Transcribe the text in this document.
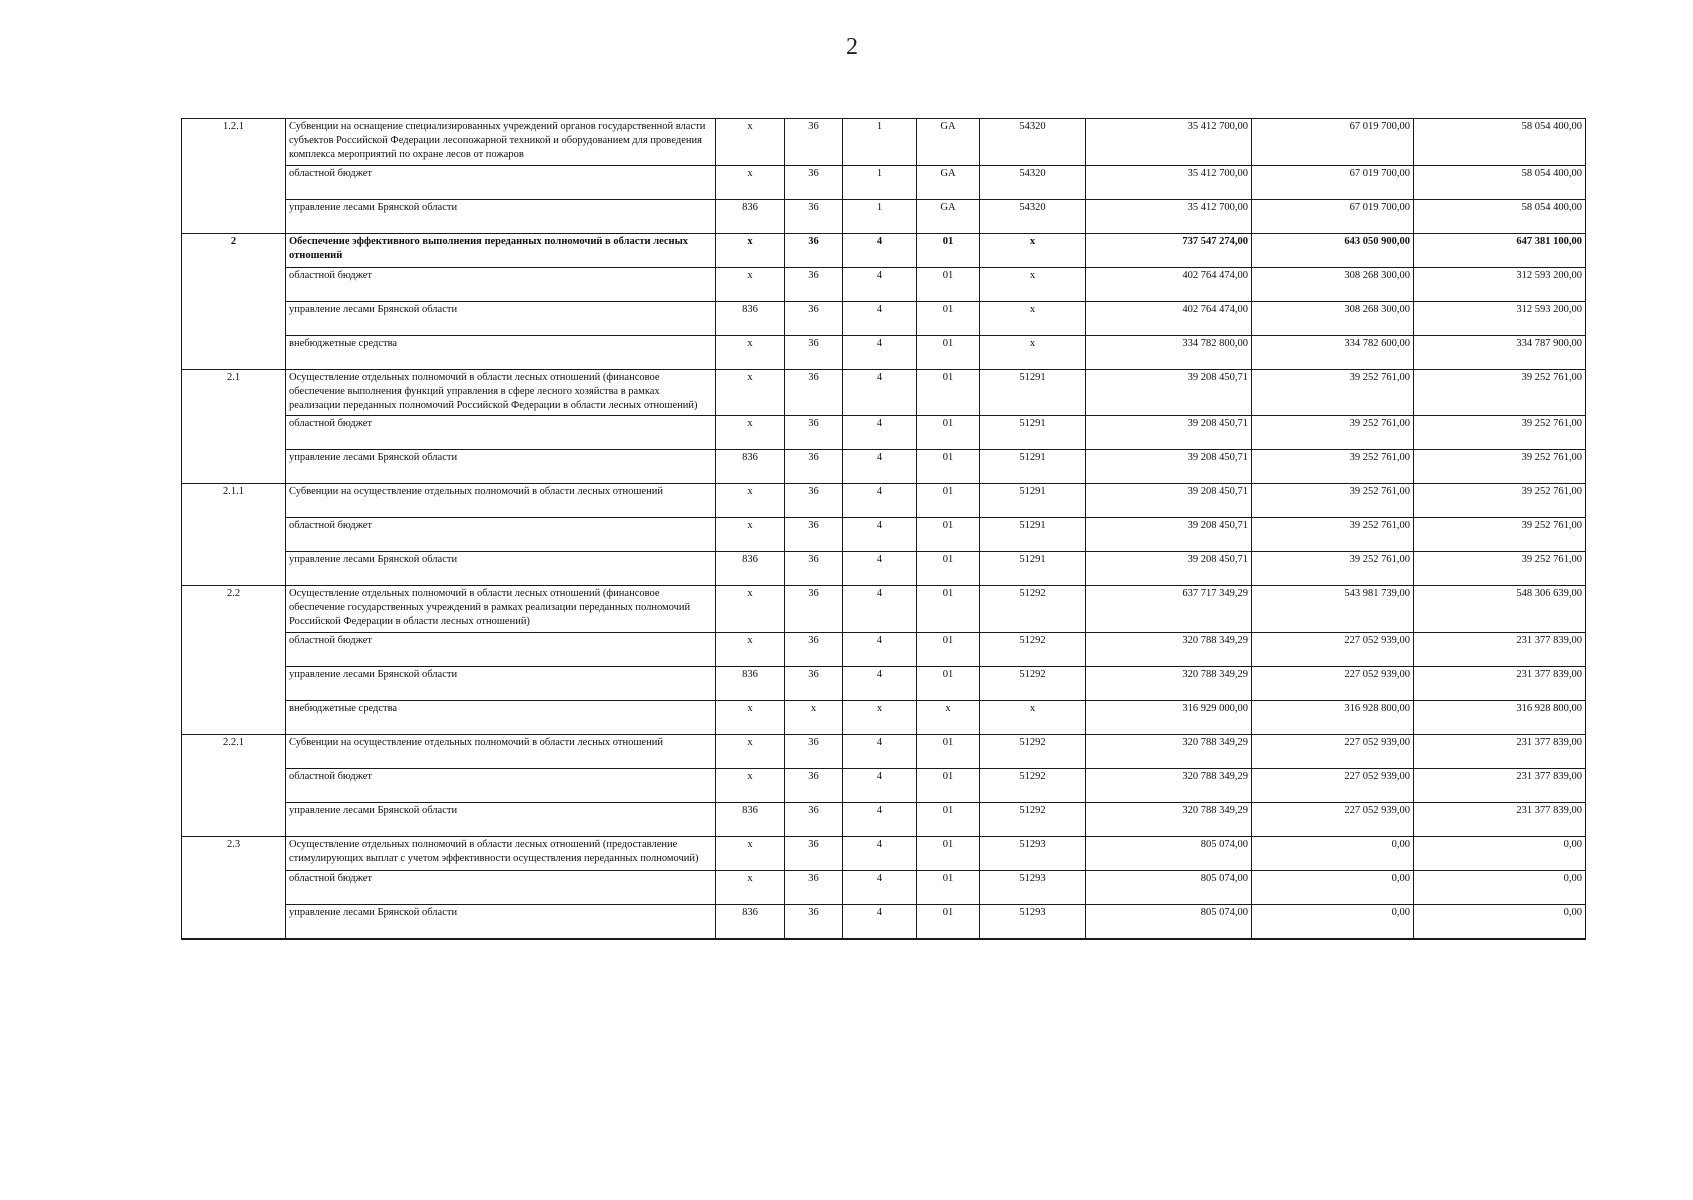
2
1.2.1	Субвенции на оснащение специализированных учреждений органов государственной власти субъектов Российской Федерации лесопожарной техникой и оборудованием для проведения комплекса мероприятий по охране лесов от пожаров	x	36	1	GA	54320	35 412 700,00	67 019 700,00	58 054 400,00
	областной бюджет	x	36	1	GA	54320	35 412 700,00	67 019 700,00	58 054 400,00
	управление лесами Брянской области	836	36	1	GA	54320	35 412 700,00	67 019 700,00	58 054 400,00
2	Обеспечение эффективного выполнения переданных полномочий в области лесных отношений	x	36	4	01	x	737 547 274,00	643 050 900,00	647 381 100,00
	областной бюджет	x	36	4	01	x	402 764 474,00	308 268 300,00	312 593 200,00
	управление лесами Брянской области	836	36	4	01	x	402 764 474,00	308 268 300,00	312 593 200,00
	внебюджетные средства	x	36	4	01	x	334 782 800,00	334 782 600,00	334 787 900,00
2.1	Осуществление отдельных полномочий в области лесных отношений (финансовое обеспечение выполнения функций управления в сфере лесного хозяйства в рамках реализации переданных полномочий Российской Федерации в области лесных отношений)	x	36	4	01	51291	39 208 450,71	39 252 761,00	39 252 761,00
	областной бюджет	x	36	4	01	51291	39 208 450,71	39 252 761,00	39 252 761,00
	управление лесами Брянской области	836	36	4	01	51291	39 208 450,71	39 252 761,00	39 252 761,00
2.1.1	Субвенции на осуществление отдельных полномочий в области лесных отношений	x	36	4	01	51291	39 208 450,71	39 252 761,00	39 252 761,00
	областной бюджет	x	36	4	01	51291	39 208 450,71	39 252 761,00	39 252 761,00
	управление лесами Брянской области	836	36	4	01	51291	39 208 450,71	39 252 761,00	39 252 761,00
2.2	Осуществление отдельных полномочий в области лесных отношений (финансовое обеспечение государственных учреждений в рамках реализации переданных полномочий Российской Федерации в области лесных отношений)	x	36	4	01	51292	637 717 349,29	543 981 739,00	548 306 639,00
	областной бюджет	x	36	4	01	51292	320 788 349,29	227 052 939,00	231 377 839,00
	управление лесами Брянской области	836	36	4	01	51292	320 788 349,29	227 052 939,00	231 377 839,00
	внебюджетные средства	x	x	x	x	x	316 929 000,00	316 928 800,00	316 928 800,00
2.2.1	Субвенции на осуществление отдельных полномочий в области лесных отношений	x	36	4	01	51292	320 788 349,29	227 052 939,00	231 377 839,00
	областной бюджет	x	36	4	01	51292	320 788 349,29	227 052 939,00	231 377 839,00
	управление лесами Брянской области	836	36	4	01	51292	320 788 349,29	227 052 939,00	231 377 839,00
2.3	Осуществление отдельных полномочий в области лесных отношений (предоставление стимулирующих выплат с учетом эффективности осуществления переданных полномочий)	x	36	4	01	51293	805 074,00	0,00	0,00
	областной бюджет	x	36	4	01	51293	805 074,00	0,00	0,00
	управление лесами Брянской области	836	36	4	01	51293	805 074,00	0,00	0,00
